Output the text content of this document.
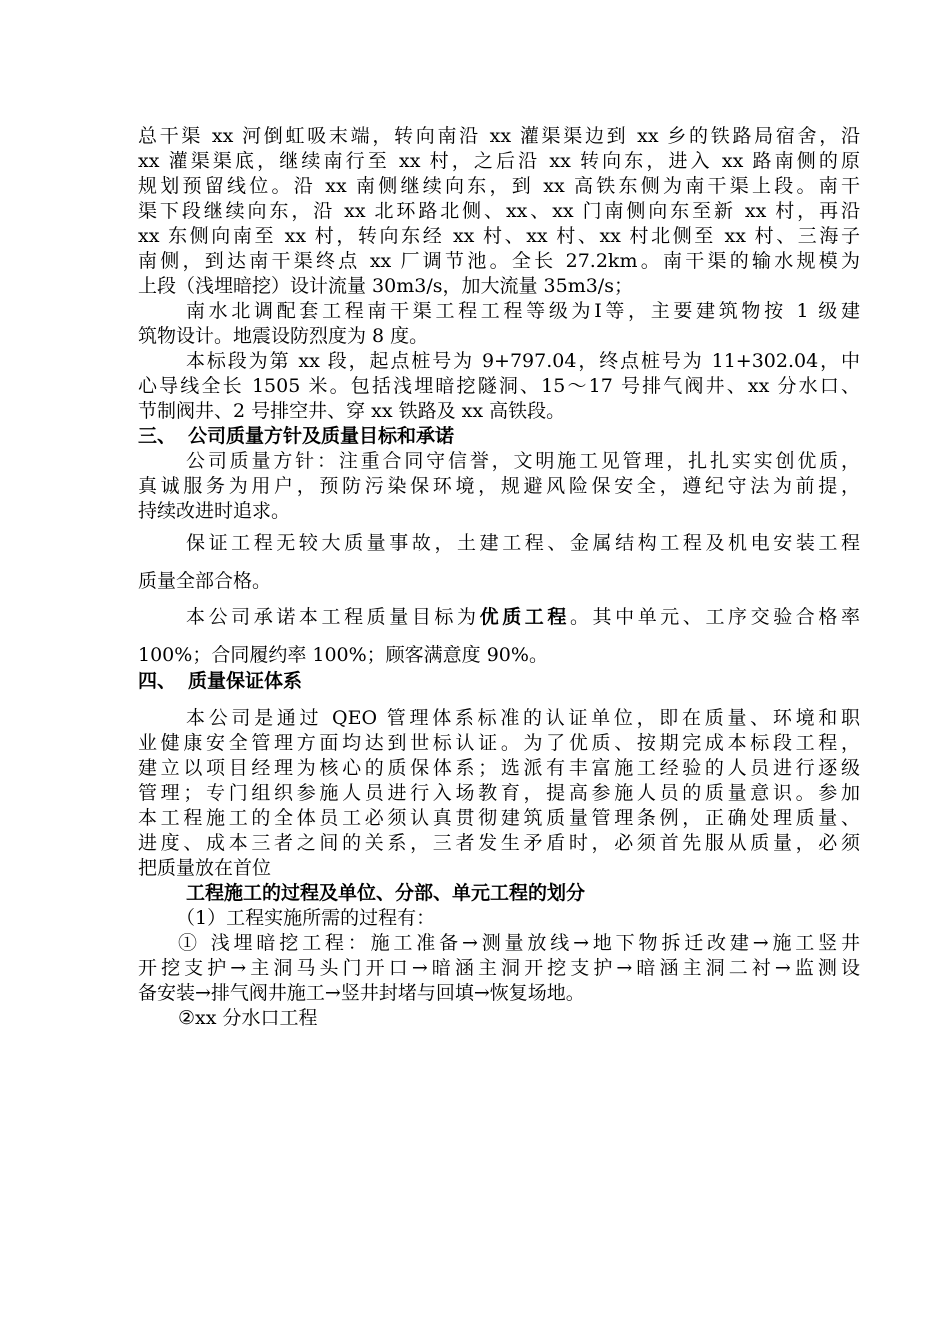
总干渠 xx 河倒虹吸末端，转向南沿 xx 灌渠渠边到 xx 乡的铁路局宿舍，沿
xx 灌渠渠底，继续南行至 xx 村，之后沿 xx 转向东，进入 xx 路南侧的原
规划预留线位。沿 xx 南侧继续向东，到 xx 高铁东侧为南干渠上段。南干
渠下段继续向东，沿 xx 北环路北侧、xx、xx 门南侧向东至新 xx 村，再沿
xx 东侧向南至 xx 村，转向东经 xx 村、xx 村、xx 村北侧至 xx 村、三海子
南侧，到达南干渠终点 xx 厂调节池。全长 27.2km。南干渠的输水规模为
上段（浅埋暗挖）设计流量 30m3/s，加大流量 35m3/s；
南水北调配套工程南干渠工程工程等级为Ⅰ等，主要建筑物按 1 级建
筑物设计。地震设防烈度为 8 度。
本标段为第 xx 段，起点桩号为 9+797.04，终点桩号为 11+302.04，中
心导线全长 1505 米。包括浅埋暗挖隧洞、15～17 号排气阀井、xx 分水口、
节制阀井、2 号排空井、穿 xx 铁路及 xx 高铁段。
三、 公司质量方针及质量目标和承诺
公司质量方针：注重合同守信誉，文明施工见管理，扎扎实实创优质，
真诚服务为用户，预防污染保环境，规避风险保安全，遵纪守法为前提，
持续改进时追求。
保证工程无较大质量事故，土建工程、金属结构工程及机电安装工程
质量全部合格。
本公司承诺本工程质量目标为优质工程。其中单元、工序交验合格率
100%；合同履约率 100%；顾客满意度 90%。
四、 质量保证体系
本公司是通过 QEO 管理体系标准的认证单位，即在质量、环境和职
业健康安全管理方面均达到世标认证。为了优质、按期完成本标段工程，
建立以项目经理为核心的质保体系；选派有丰富施工经验的人员进行逐级
管理；专门组织参施人员进行入场教育，提高参施人员的质量意识。参加
本工程施工的全体员工必须认真贯彻建筑质量管理条例，正确处理质量、
进度、成本三者之间的关系，三者发生矛盾时，必须首先服从质量，必须
把质量放在首位
工程施工的过程及单位、分部、单元工程的划分
（1）工程实施所需的过程有：
① 浅埋暗挖工程：施工准备→测量放线→地下物拆迁改建→施工竖井
开挖支护→主洞马头门开口→暗涵主洞开挖支护→暗涵主洞二衬→监测设
备安装→排气阀井施工→竖井封堵与回填→恢复场地。
②xx 分水口工程
